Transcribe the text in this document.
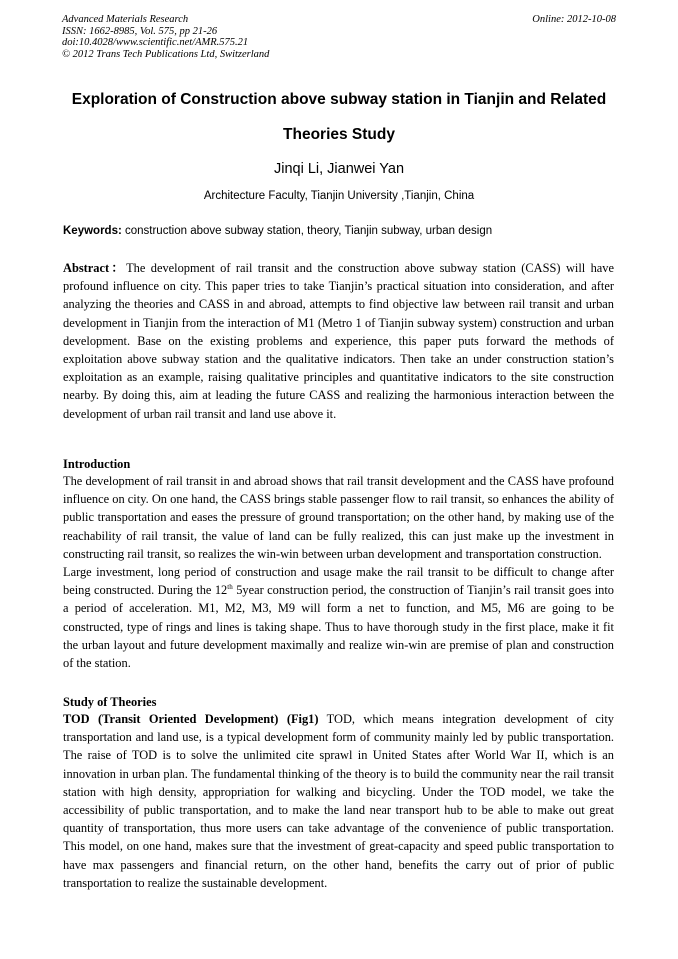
Advanced Materials Research
ISSN: 1662-8985, Vol. 575, pp 21-26
doi:10.4028/www.scientific.net/AMR.575.21
© 2012 Trans Tech Publications Ltd, Switzerland
Online: 2012-10-08
Exploration of Construction above subway station in Tianjin and Related
Theories Study
Jinqi Li, Jianwei Yan
Architecture Faculty, Tianjin University ,Tianjin, China
Keywords: construction above subway station, theory, Tianjin subway, urban design

Abstract：The development of rail transit and the construction above subway station (CASS) will have profound influence on city. This paper tries to take Tianjin’s practical situation into consideration, and after analyzing the theories and CASS in and abroad, attempts to find objective law between rail transit and urban development in Tianjin from the interaction of M1 (Metro 1 of Tianjin subway system) construction and urban development. Base on the existing problems and experience, this paper puts forward the methods of exploitation above subway station and the qualitative indicators. Then take an under construction station’s exploitation as an example, raising qualitative principles and quantitative indicators to the site construction nearby. By doing this, aim at leading the future CASS and realizing the harmonious interaction between the development of urban rail transit and land use above it.

Introduction

The development of rail transit in and abroad shows that rail transit development and the CASS have profound influence on city. On one hand, the CASS brings stable passenger flow to rail transit, so enhances the ability of public transportation and eases the pressure of ground transportation; on the other hand, by making use of the reachability of rail transit, the value of land can be fully realized, this can just make up the investment in constructing rail transit, so realizes the win-win between urban development and transportation construction.

Large investment, long period of construction and usage make the rail transit to be difficult to change after being constructed. During the 12th 5year construction period, the construction of Tianjin’s rail transit goes into a period of acceleration. M1, M2, M3, M9 will form a net to function, and M5, M6 are going to be constructed, type of rings and lines is taking shape. Thus to have thorough study in the first place, make it fit the urban layout and future development maximally and realize win-win are premise of plan and construction of the station.

Study of Theories

TOD (Transit Oriented Development) (Fig1) TOD, which means integration development of city transportation and land use, is a typical development form of community mainly led by public transportation. The raise of TOD is to solve the unlimited cite sprawl in United States after World War II, which is an innovation in urban plan. The fundamental thinking of the theory is to build the community near the rail transit station with high density, appropriation for walking and bicycling. Under the TOD model, we take the accessibility of public transportation, and to make the land near transport hub to be able to make out great quantity of transportation, thus more users can take advantage of the convenience of public transportation. This model, on one hand, makes sure that the investment of great-capacity and speed public transportation to have max passengers and financial return, on the other hand, benefits the carry out of prior of public transportation to realize the sustainable development.
